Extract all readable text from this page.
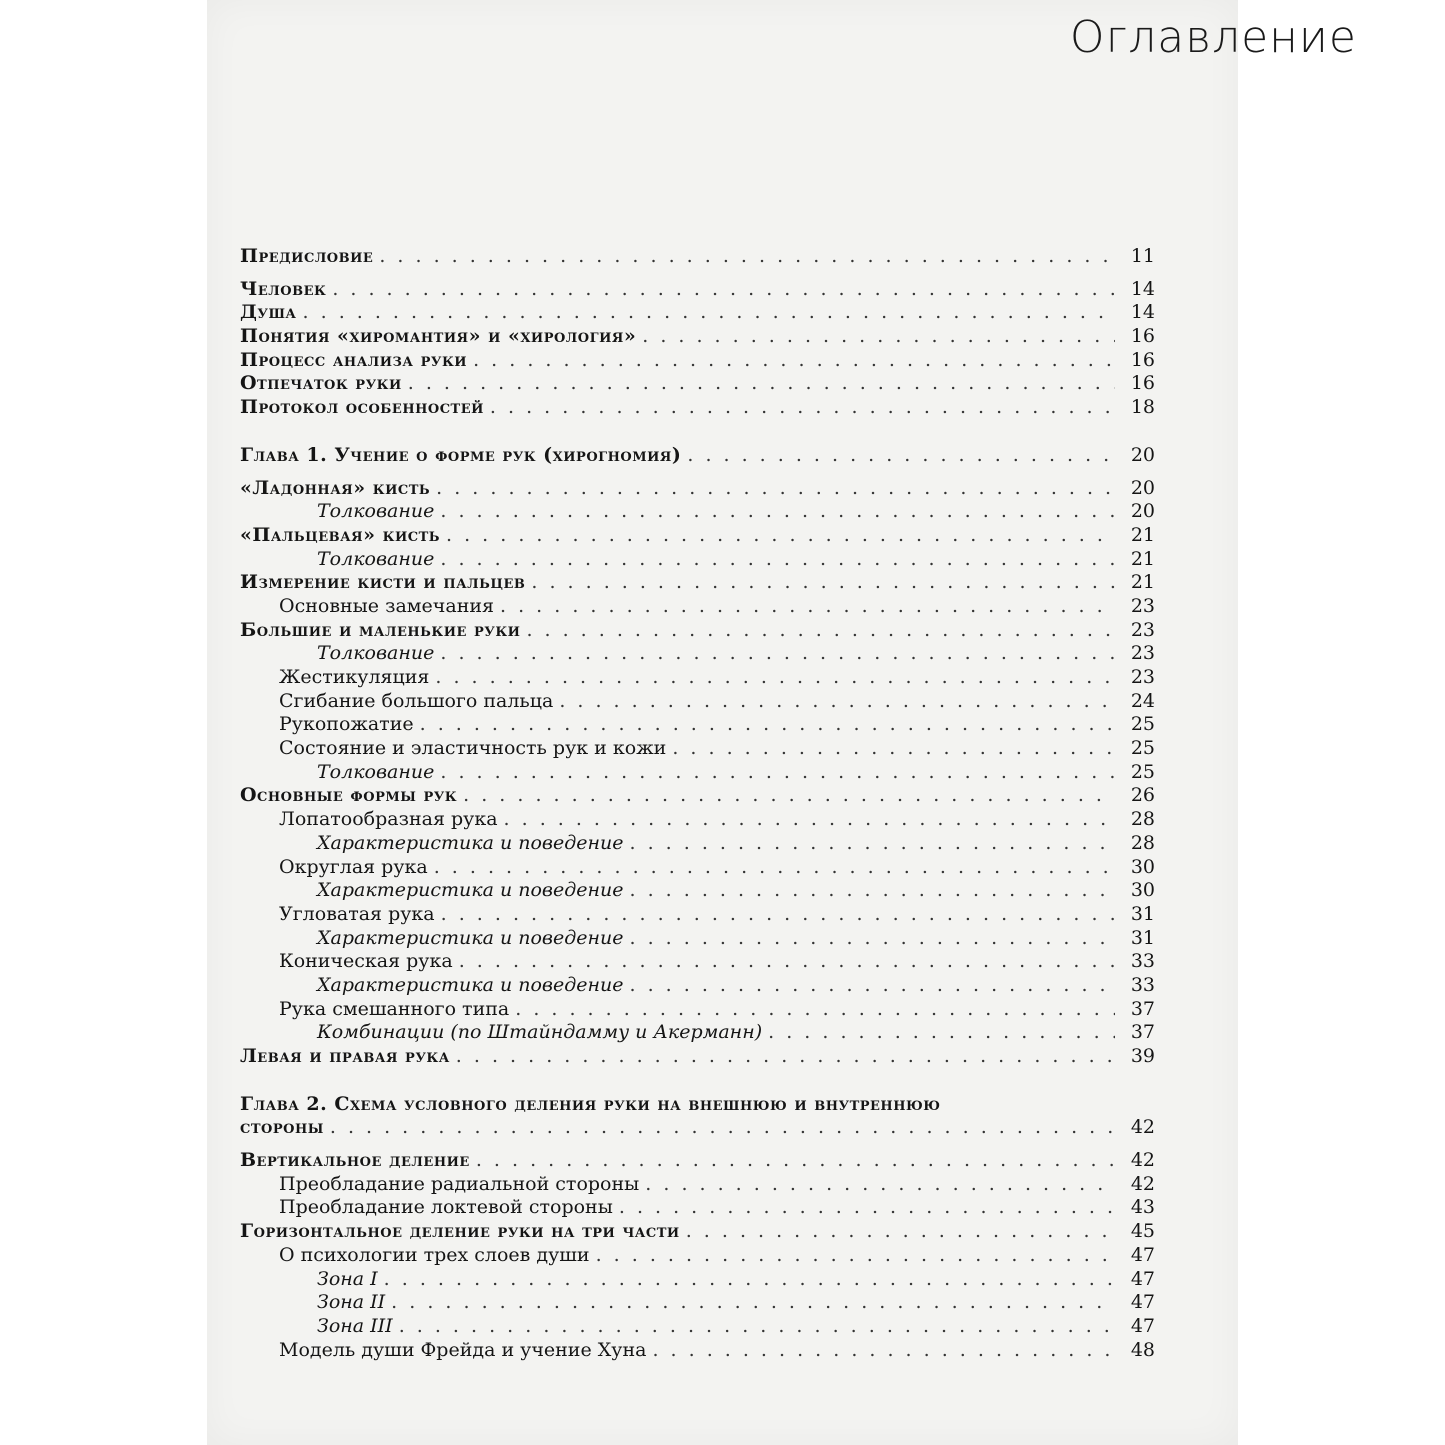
Оглавление
Предисловие . . .	11
Человек . . .	14
Душа . . .	14
Понятия «хиромантия» и «хирология» . . .	16
Процесс анализа руки . . .	16
Отпечаток руки . . .	16
Протокол особенностей . . .	18
Глава 1. Учение о форме рук (хирогномия) . . .	20
«Ладонная» кисть . . .	20
Толкование . . .	20
«Пальцевая» кисть . . .	21
Толкование . . .	21
Измерение кисти и пальцев . . .	21
Основные замечания . . .	23
Большие и маленькие руки . . .	23
Толкование . . .	23
Жестикуляция . . .	23
Сгибание большого пальца . . .	24
Рукопожатие . . .	25
Состояние и эластичность рук и кожи . . .	25
Толкование . . .	25
Основные формы рук . . .	26
Лопатообразная рука . . .	28
Характеристика и поведение . . .	28
Округлая рука . . .	30
Характеристика и поведение . . .	30
Угловатая рука . . .	31
Характеристика и поведение . . .	31
Коническая рука . . .	33
Характеристика и поведение . . .	33
Рука смешанного типа . . .	37
Комбинации (по Штайндамму и Акерманн) . . .	37
Левая и правая рука . . .	39
Глава 2. Схема условного деления руки на внешнюю и внутреннюю
стороны . . .	42
Вертикальное деление . . .	42
Преобладание радиальной стороны . . .	42
Преобладание локтевой стороны . . .	43
Горизонтальное деление руки на три части . . .	45
О психологии трех слоев души . . .	47
Зона I . . .	47
Зона II . . .	47
Зона III . . .	47
Модель души Фрейда и учение Хуна . . .	48
